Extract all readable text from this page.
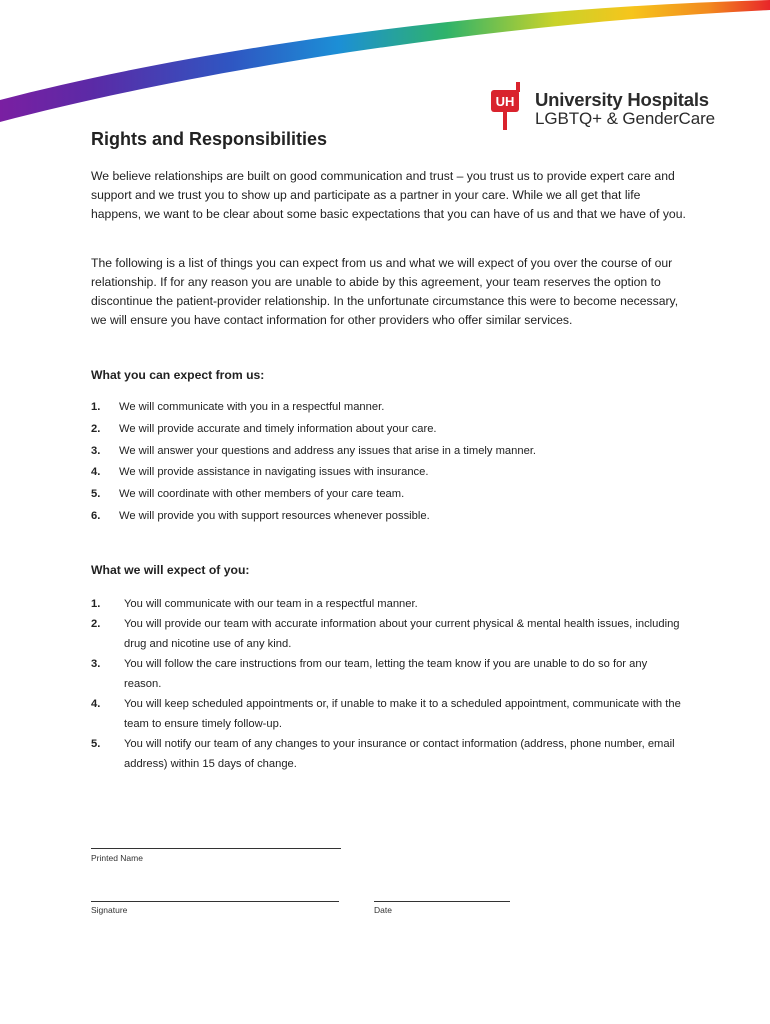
UH University Hospitals
LGBTQ+ & GenderCare
Rights and Responsibilities

We believe relationships are built on good communication and trust – you trust us to provide expert care and support and we trust you to show up and participate as a partner in your care. While we all get that life happens, we want to be clear about some basic expectations that you can have of us and that we have of you.

The following is a list of things you can expect from us and what we will expect of you over the course of our relationship. If for any reason you are unable to abide by this agreement, your team reserves the option to discontinue the patient-provider relationship. In the unfortunate circumstance this were to become necessary, we will ensure you have contact information for other providers who offer similar services.

What you can expect from us:
1.	We will communicate with you in a respectful manner.
2.	We will provide accurate and timely information about your care.
3.	We will answer your questions and address any issues that arise in a timely manner.
4.	We will provide assistance in navigating issues with insurance.
5.	We will coordinate with other members of your care team.
6.	We will provide you with support resources whenever possible.
What we will expect of you:
1.	You will communicate with our team in a respectful manner.
2.	You will provide our team with accurate information about your current physical & mental health issues, including drug and nicotine use of any kind.
3.	You will follow the care instructions from our team, letting the team know if you are unable to do so for any reason.
4.	You will keep scheduled appointments or, if unable to make it to a scheduled appointment, communicate with the team to ensure timely follow-up.
5.	You will notify our team of any changes to your insurance or contact information (address, phone number, email address) within 15 days of change.
Printed Name
Signature	Date
